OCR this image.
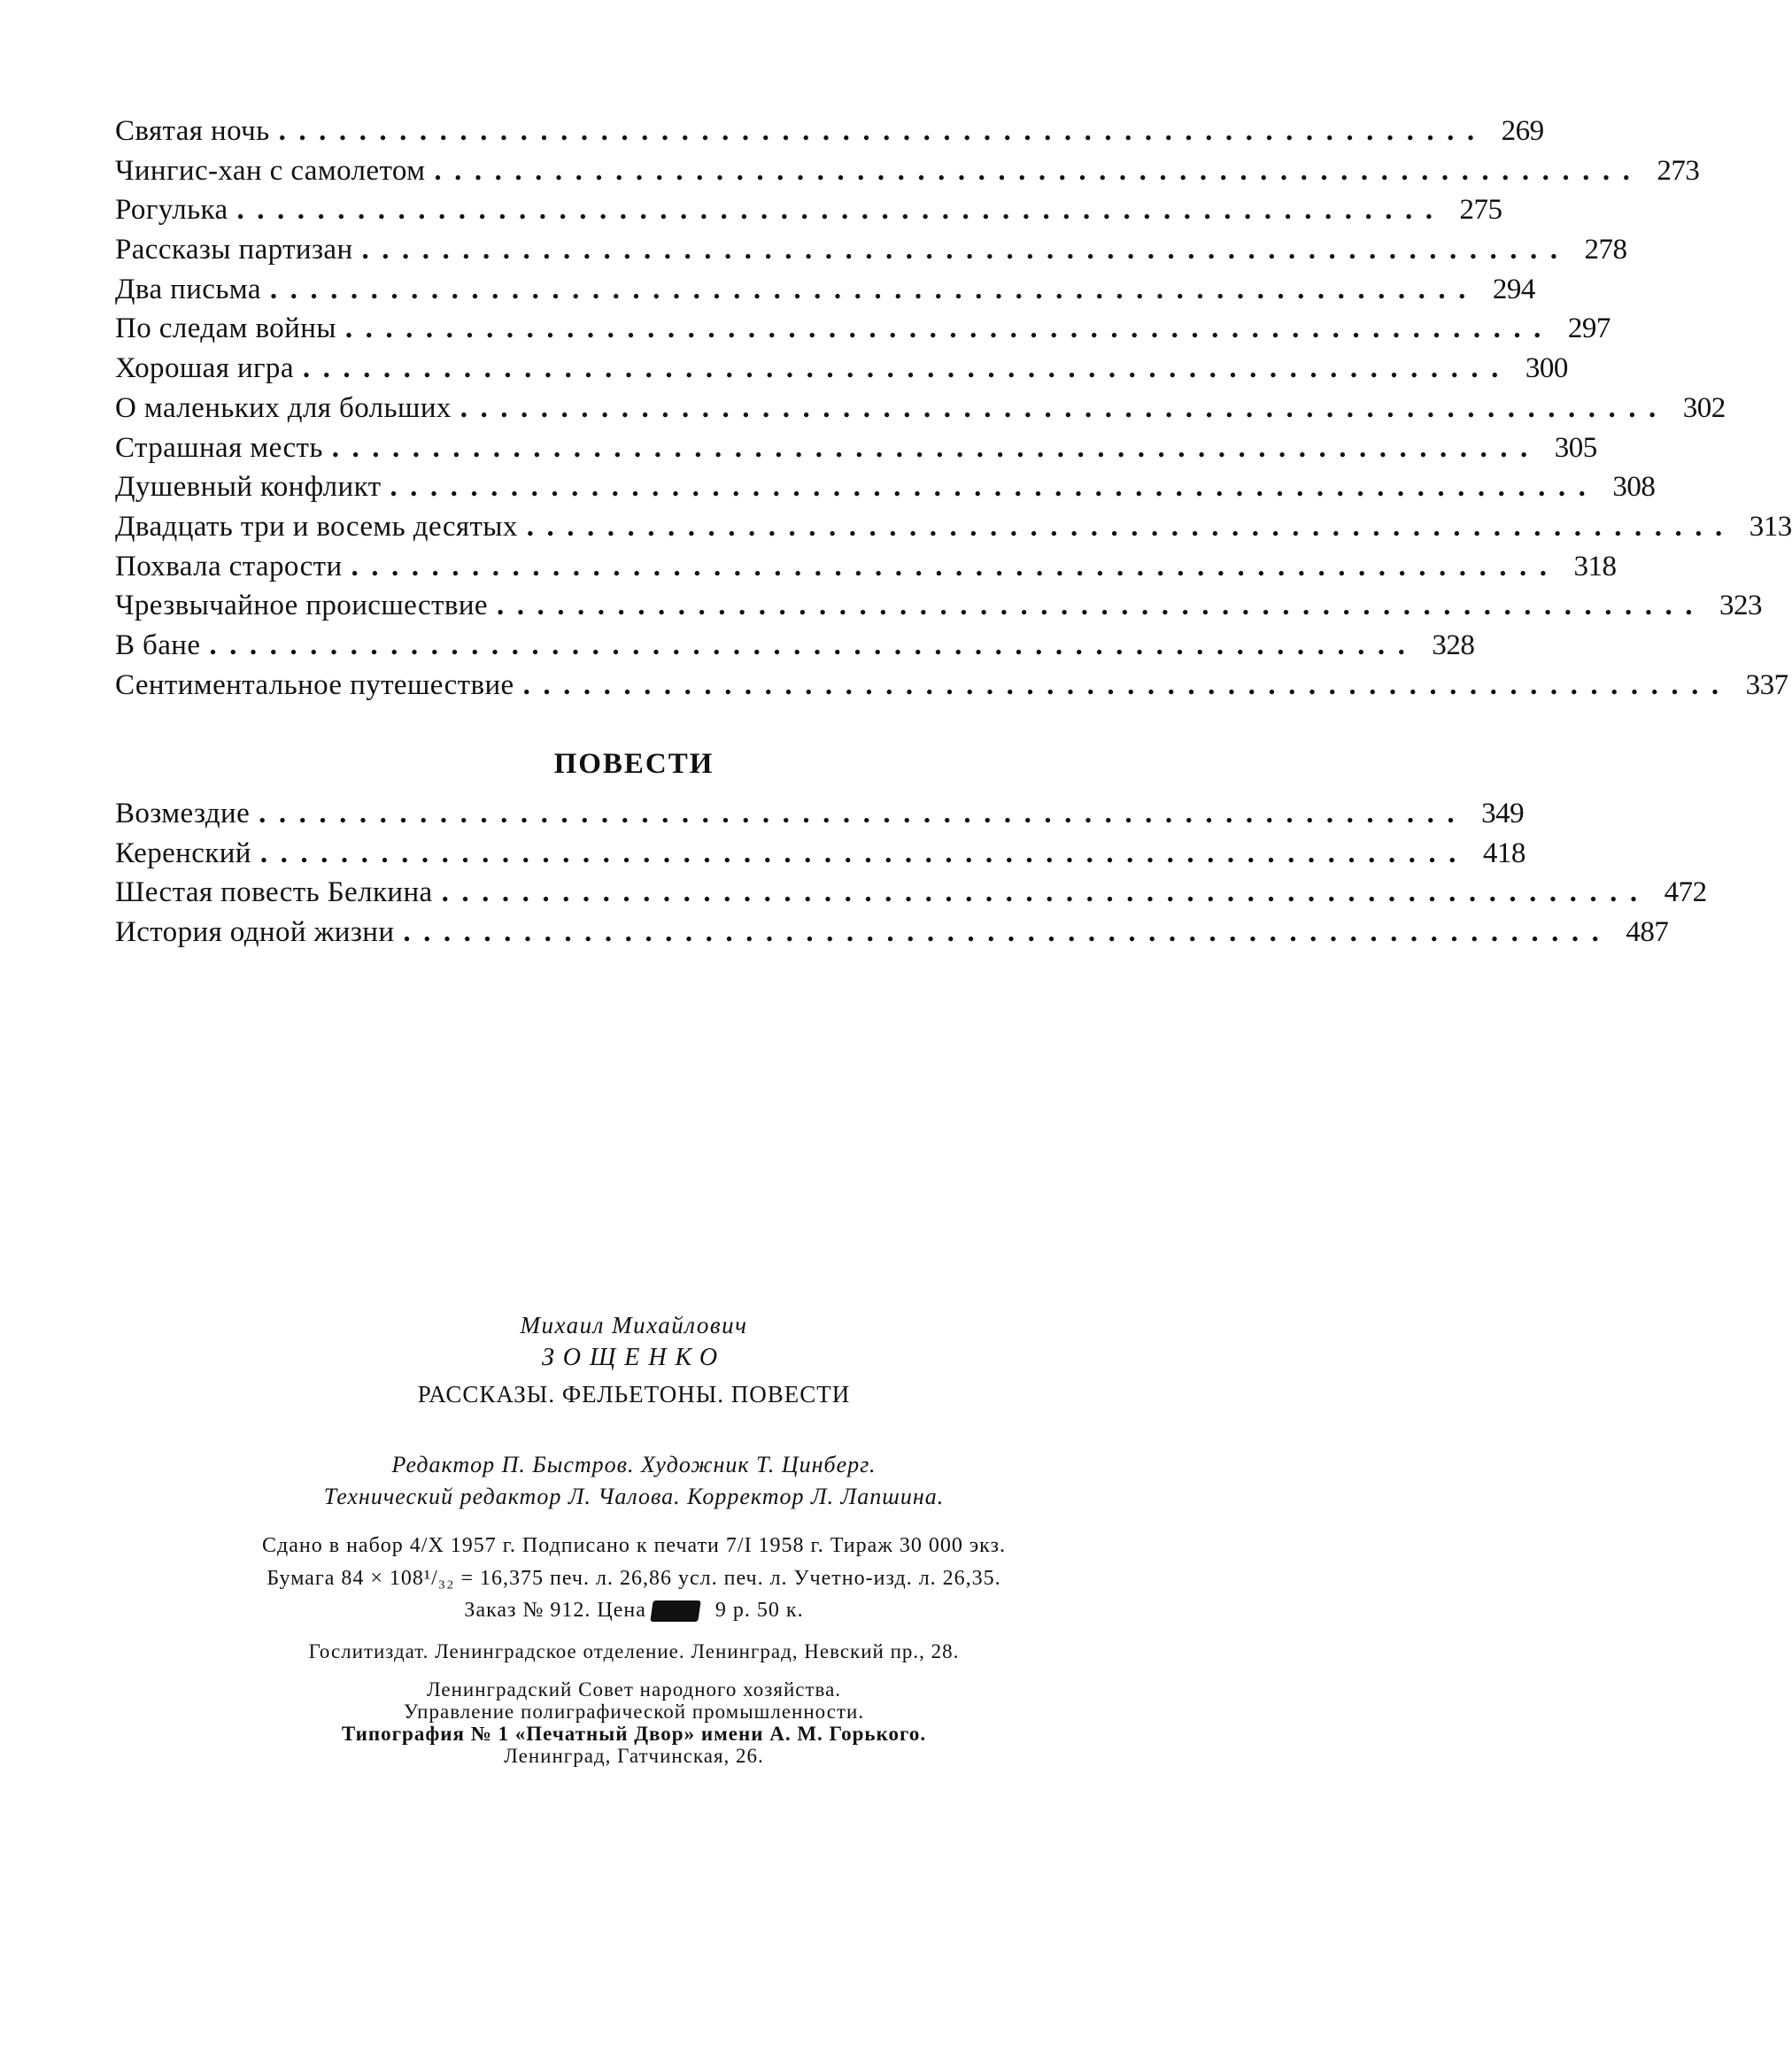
Святая ночь ............................................................ 269
Чингис-хан с самолетом ............................................................ 273
Рогулька ............................................................ 275
Рассказы партизан ............................................................ 278
Два письма ............................................................ 294
По следам войны ............................................................ 297
Хорошая игра ............................................................ 300
О маленьких для больших ............................................................ 302
Страшная месть ............................................................ 305
Душевный конфликт ............................................................ 308
Двадцать три и восемь десятых ............................................................ 313
Похвала старости ............................................................ 318
Чрезвычайное происшествие ............................................................ 323
В бане ............................................................ 328
Сентиментальное путешествие ............................................................ 337
ПОВЕСТИ
Возмездие ............................................................ 349
Керенский ............................................................ 418
Шестая повесть Белкина ............................................................ 472
История одной жизни ............................................................ 487
Михаил Михайлович
ЗОЩЕНКО
РАССКАЗЫ. ФЕЛЬЕТОНЫ. ПОВЕСТИ
Редактор П. Быстров. Художник Т. Цинберг.
Технический редактор Л. Чалова. Корректор Л. Лапшина.
Сдано в набор 4/X 1957 г. Подписано к печати 7/I 1958 г. Тираж 30 000 экз.
Бумага 84 × 108¹/₃₂ = 16,375 печ. л. 26,86 усл. печ. л. Учетно-изд. л. 26,35.
Заказ № 912. Цена	9 р. 50 к.
Гослитиздат. Ленинградское отделение. Ленинград, Невский пр., 28.
Ленинградский Совет народного хозяйства.
Управление полиграфической промышленности.
Типография № 1 «Печатный Двор» имени А. М. Горького.
Ленинград, Гатчинская, 26.
